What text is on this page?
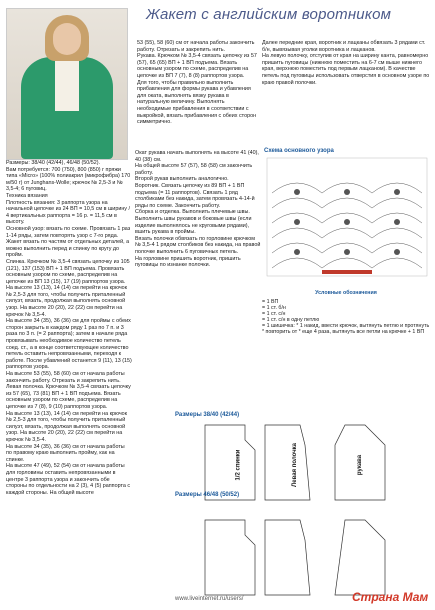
Жакет с английским воротником
Размеры: 38/40 (42/44), 46/48 (50/52).
Вам потребуется: 700 (750), 800 (850) г пряжи типа «Micro» (100% полиакрил (микрофибра) 170 м/50 г) от Junghans-Wolle; крючок № 2,5-3 и № 3,5-4; 6 пуговиц.
Техника вязания
Плотность вязания: 3 раппорта узора на начальной цепочке из 24 ВП = 10,5 см в ширину / 4 вертикальных раппорта = 16 р. = 11,5 см в высоту.
Основной узор: вязать по схеме. Провязать 1 раз 1-14 ряды, затем повторять узор с 7-го ряда.
Жакет вязать по частям от отдельных деталей, а можно выполнить перед и спинку по кругу до пройм.
Спинка. Крючком № 3,5-4 связать цепочку из 105 (121), 137 (153) ВП + 1 ВП подъема. Провязать основным узором по схеме, распределив на цепочке из ВП 13 (15), 17 (19) раппортов узора.
На высоте 13 (13), 14 (14) см перейти на крючок № 2,5-3 для того, чтобы получить приталенный силуэт, вязать, продолжая выполнять основной узор. На высоте 20 (20), 22 (22) см перейти на крючок № 3,5-4.
На высоте 34 (35), 36 (36) см для проймы с обеих сторон закрыть в каждом ряду 1 раз по 7 п. и 3 раза по 3 п. (= 2 раппорта); затем в начале ряда провязывать необходимое количество петель соед. ст., а в конце соответствующее количество петель оставить непровязанными, переходя к работе. После убавлений останется 9 (11), 13 (15) раппортов узора.
На высоте 53 (55), 58 (60) см от начала работы закончить работу. Отрезать и закрепить нить.
Левая полочка. Крючком № 3,5-4 связать цепочку из 57 (65), 73 (81) ВП + 1 ВП подъема. Вязать основным узором по схеме, распределив на цепочке из 7 (8), 9 (10) раппортов узора.
На высоте 13 (13), 14 (14) см перейти на крючок № 2,5-3 для того, чтобы получить приталенный силуэт, вязать, продолжая выполнять основной узор. На высоте 20 (20), 22 (22) см перейти на крючок № 3,5-4.
На высоте 34 (35), 36 (36) см от начала работы по правому краю выполнить пройму, как на спинке.
На высоте 47 (49), 52 (54) см от начала работы для горловины оставить непровязанными в центре 3 раппорта узора и закончить обе стороны по отдельности на 2 (3), 4 (5) раппорта с каждой стороны. На общей высоте
53 (55), 58 (60) см от начала работы закончить работу. Отрезать и закрепить нить.
Рукава. Крючком № 3,5-4 связать цепочку из 57 (57), 65 (65) ВП + 1 ВП подъема. Вязать основным узором по схеме, распределив на цепочке из ВП 7 (7), 8 (8) раппортов узора.
Для того, чтобы правильно выполнить прибавления для формы рукава и убавления для оката, выполнять вязку рукава в натуральную величину. Выполнять необходимые прибавления в соответствии с выкройкой, вязать прибавления с обеих сторон симметрично.
Окат рукава начать выполнять на высоте 41 (40), 40 (38) см.
На общей высоте 57 (57), 58 (58) см закончить работу.
Второй рукав выполнить аналогично.
Воротник. Связать цепочку из 89 ВП + 1 ВП подъема (= 11 раппортов). Связать 1 ряд столбиками без накида, затем провязать 4-14-й ряды по схеме. Закончить работу.
Сборка и отделка. Выполнить плечевые швы. Выполнить швы рукавов и боковые швы (если изделие выполнялось не круговыми рядами), вшить рукава в проймы.
Вязать полочки обвязать по горловине крючком № 3,5-4 1 рядом столбиков без накида, на правой полочке выполнить 6 пуговичных петель.
На горловине пришить воротник, пришить пуговицы по изнанке полочки.
Далее передние края, воротник и лацканы обвязать 3 рядами ст. б/н, вывязывая уголки воротника и лацканов.
На левую полочку, отступив от края на ширину канта, равномерно пришить пуговицы (нижнюю поместить на 6-7 см выше нижнего края, верхнюю поместить под первым лацканом). В качестве петель под пуговицы использовать отверстия в основном узоре по краю правой полочки.
Схема основного узора
Условные обозначения
= 1 ВП
= 1 ст. б/н
= 1 ст. с/н
= 1 ст. с/н в одну петлю
= 1 шишечка: * 1 накид, ввести крючок, вытянуть петлю и протянуть * повторить от * еще 4 раза, вытянуть все петли на крючке + 1 ВП
Размеры 38/40 (42/44)
Размеры 46/48 (50/52)
1/2 спинки	Левая полочка	рукава
www.liveinternet.ru/users/	Страна Мам
